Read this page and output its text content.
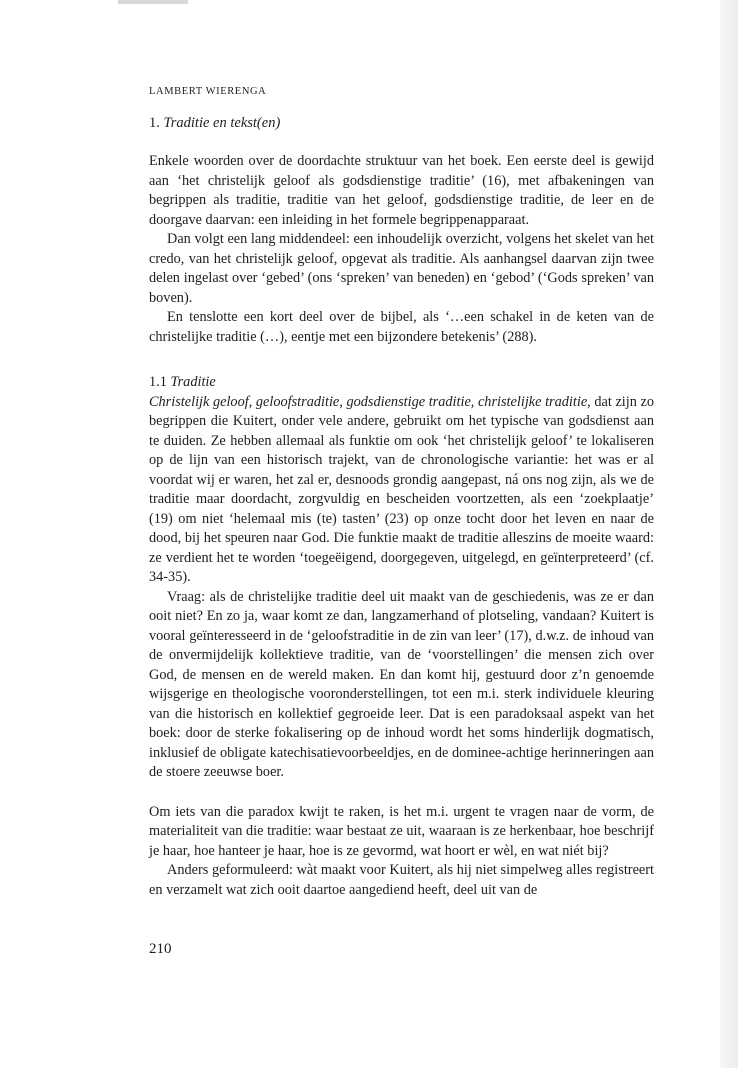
LAMBERT WIERENGA
1. Traditie en tekst(en)

Enkele woorden over de doordachte struktuur van het boek. Een eerste deel is gewijd aan ‘het christelijk geloof als godsdienstige traditie’ (16), met afbakeningen van begrippen als traditie, traditie van het geloof, godsdienstige traditie, de leer en de doorgave daarvan: een inleiding in het formele begrippenapparaat.

Dan volgt een lang middendeel: een inhoudelijk overzicht, volgens het skelet van het credo, van het christelijk geloof, opgevat als traditie. Als aanhangsel daarvan zijn twee delen ingelast over ‘gebed’ (ons ‘spreken’ van beneden) en ‘gebod’ (‘Gods spreken’ van boven).

En tenslotte een kort deel over de bijbel, als ‘…een schakel in de keten van de christelijke traditie (…), eentje met een bijzondere betekenis’ (288).

1.1 Traditie

Christelijk geloof, geloofstraditie, godsdienstige traditie, christelijke traditie, dat zijn zo begrippen die Kuitert, onder vele andere, gebruikt om het typische van godsdienst aan te duiden. Ze hebben allemaal als funktie om ook ‘het christelijk geloof’ te lokaliseren op de lijn van een historisch trajekt, van de chronologische variantie: het was er al voordat wij er waren, het zal er, desnoods grondig aangepast, ná ons nog zijn, als we de traditie maar doordacht, zorgvuldig en bescheiden voortzetten, als een ‘zoekplaatje’ (19) om niet ‘helemaal mis (te) tasten’ (23) op onze tocht door het leven en naar de dood, bij het speuren naar God. Die funktie maakt de traditie alleszins de moeite waard: ze verdient het te worden ‘toegeëigend, doorgegeven, uitgelegd, en geïnterpreteerd’ (cf. 34-35).

Vraag: als de christelijke traditie deel uit maakt van de geschiedenis, was ze er dan ooit niet? En zo ja, waar komt ze dan, langzamerhand of plotseling, vandaan? Kuitert is vooral geïnteresseerd in de ‘geloofstraditie in de zin van leer’ (17), d.w.z. de inhoud van de onvermijdelijk kollektieve traditie, van de ‘voorstellingen’ die mensen zich over God, de mensen en de wereld maken. En dan komt hij, gestuurd door z’n genoemde wijsgerige en theologische vooronderstellingen, tot een m.i. sterk individuele kleuring van die historisch en kollektief gegroeide leer. Dat is een paradoksaal aspekt van het boek: door de sterke fokalisering op de inhoud wordt het soms hinderlijk dogmatisch, inklusief de obligate katechisatievoorbeeldjes, en de dominee-achtige herinneringen aan de stoere zeeuwse boer.

Om iets van die paradox kwijt te raken, is het m.i. urgent te vragen naar de vorm, de materialiteit van die traditie: waar bestaat ze uit, waaraan is ze herkenbaar, hoe beschrijf je haar, hoe hanteer je haar, hoe is ze gevormd, wat hoort er wèl, en wat niét bij?

Anders geformuleerd: wàt maakt voor Kuitert, als hij niet simpelweg alles registreert en verzamelt wat zich ooit daartoe aangediend heeft, deel uit van de

210
